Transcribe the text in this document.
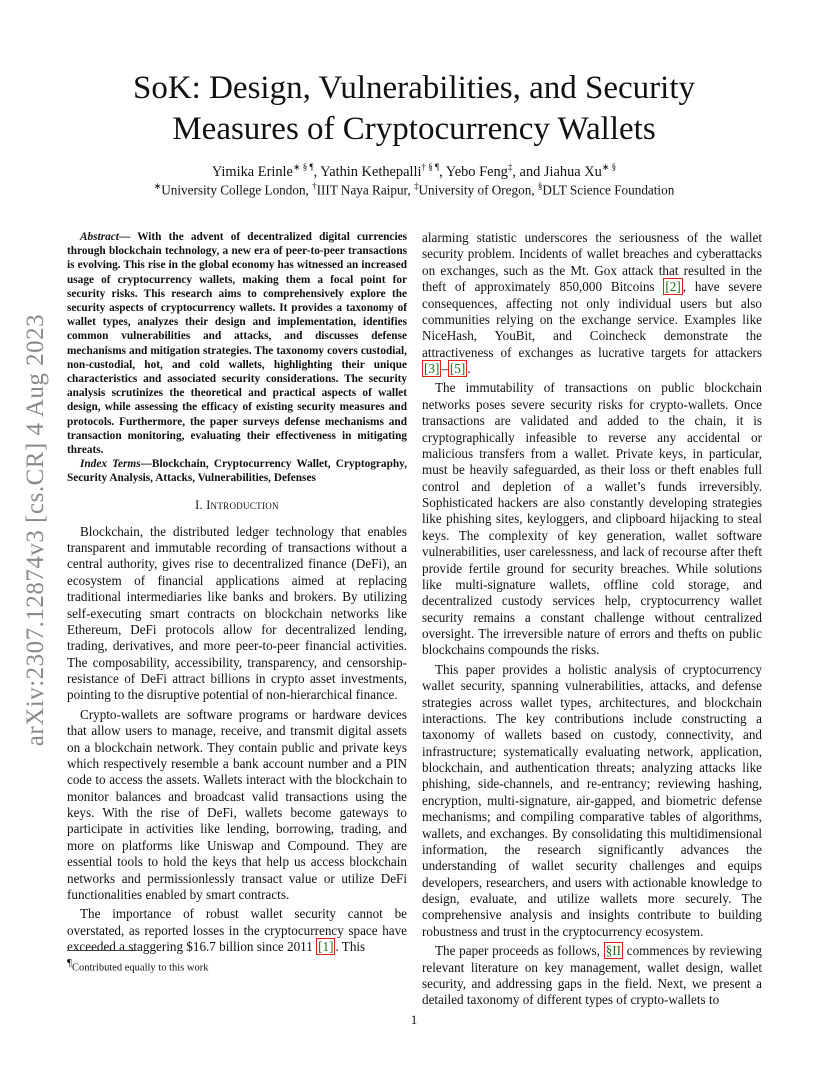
arXiv:2307.12874v3 [cs.CR] 4 Aug 2023
SoK: Design, Vulnerabilities, and Security
Measures of Cryptocurrency Wallets
Yimika Erinle∗ § ¶, Yathin Kethepalli† § ¶, Yebo Feng‡, and Jiahua Xu∗ §
∗University College London, †IIIT Naya Raipur, ‡University of Oregon, §DLT Science Foundation

Abstract— With the advent of decentralized digital currencies through blockchain technology, a new era of peer-to-peer transactions is evolving. This rise in the global economy has witnessed an increased usage of cryptocurrency wallets, making them a focal point for security risks. This research aims to comprehensively explore the security aspects of cryptocurrency wallets. It provides a taxonomy of wallet types, analyzes their design and implementation, identifies common vulnerabilities and attacks, and discusses defense mechanisms and mitigation strategies. The taxonomy covers custodial, non-custodial, hot, and cold wallets, highlighting their unique characteristics and associated security considerations. The security analysis scrutinizes the theoretical and practical aspects of wallet design, while assessing the efficacy of existing security measures and protocols. Furthermore, the paper surveys defense mechanisms and transaction monitoring, evaluating their effectiveness in mitigating threats.

Index Terms—Blockchain, Cryptocurrency Wallet, Cryptography, Security Analysis, Attacks, Vulnerabilities, Defenses

I. Introduction

Blockchain, the distributed ledger technology that enables transparent and immutable recording of transactions without a central authority, gives rise to decentralized finance (DeFi), an ecosystem of financial applications aimed at replacing traditional intermediaries like banks and brokers. By utilizing self-executing smart contracts on blockchain networks like Ethereum, DeFi protocols allow for decentralized lending, trading, derivatives, and more peer-to-peer financial activities. The composability, accessibility, transparency, and censorship-resistance of DeFi attract billions in crypto asset investments, pointing to the disruptive potential of non-hierarchical finance.

Crypto-wallets are software programs or hardware devices that allow users to manage, receive, and transmit digital assets on a blockchain network. They contain public and private keys which respectively resemble a bank account number and a PIN code to access the assets. Wallets interact with the blockchain to monitor balances and broadcast valid transactions using the keys. With the rise of DeFi, wallets become gateways to participate in activities like lending, borrowing, trading, and more on platforms like Uniswap and Compound. They are essential tools to hold the keys that help us access blockchain networks and permissionlessly transact value or utilize DeFi functionalities enabled by smart contracts.

The importance of robust wallet security cannot be overstated, as reported losses in the cryptocurrency space have exceeded a staggering $16.7 billion since 2011 [1] . This

alarming statistic underscores the seriousness of the wallet security problem. Incidents of wallet breaches and cyberattacks on exchanges, such as the Mt. Gox attack that resulted in the theft of approximately 850,000 Bitcoins [2] , have severe consequences, affecting not only individual users but also communities relying on the exchange service. Examples like NiceHash, YouBit, and Coincheck demonstrate the attractiveness of exchanges as lucrative targets for attackers [3] – [5] .

The immutability of transactions on public blockchain networks poses severe security risks for crypto-wallets. Once transactions are validated and added to the chain, it is cryptographically infeasible to reverse any accidental or malicious transfers from a wallet. Private keys, in particular, must be heavily safeguarded, as their loss or theft enables full control and depletion of a wallet’s funds irreversibly. Sophisticated hackers are also constantly developing strategies like phishing sites, keyloggers, and clipboard hijacking to steal keys. The complexity of key generation, wallet software vulnerabilities, user carelessness, and lack of recourse after theft provide fertile ground for security breaches. While solutions like multi-signature wallets, offline cold storage, and decentralized custody services help, cryptocurrency wallet security remains a constant challenge without centralized oversight. The irreversible nature of errors and thefts on public blockchains compounds the risks.

This paper provides a holistic analysis of cryptocurrency wallet security, spanning vulnerabilities, attacks, and defense strategies across wallet types, architectures, and blockchain interactions. The key contributions include constructing a taxonomy of wallets based on custody, connectivity, and infrastructure; systematically evaluating network, application, blockchain, and authentication threats; analyzing attacks like phishing, side-channels, and re-entrancy; reviewing hashing, encryption, multi-signature, air-gapped, and biometric defense mechanisms; and compiling comparative tables of algorithms, wallets, and exchanges. By consolidating this multidimensional information, the research significantly advances the understanding of wallet security challenges and equips developers, researchers, and users with actionable knowledge to design, evaluate, and utilize wallets more securely. The comprehensive analysis and insights contribute to building robustness and trust in the cryptocurrency ecosystem.

The paper proceeds as follows, §II commences by reviewing relevant literature on key management, wallet design, wallet security, and addressing gaps in the field. Next, we present a detailed taxonomy of different types of crypto-wallets to

¶Contributed equally to this work
1
